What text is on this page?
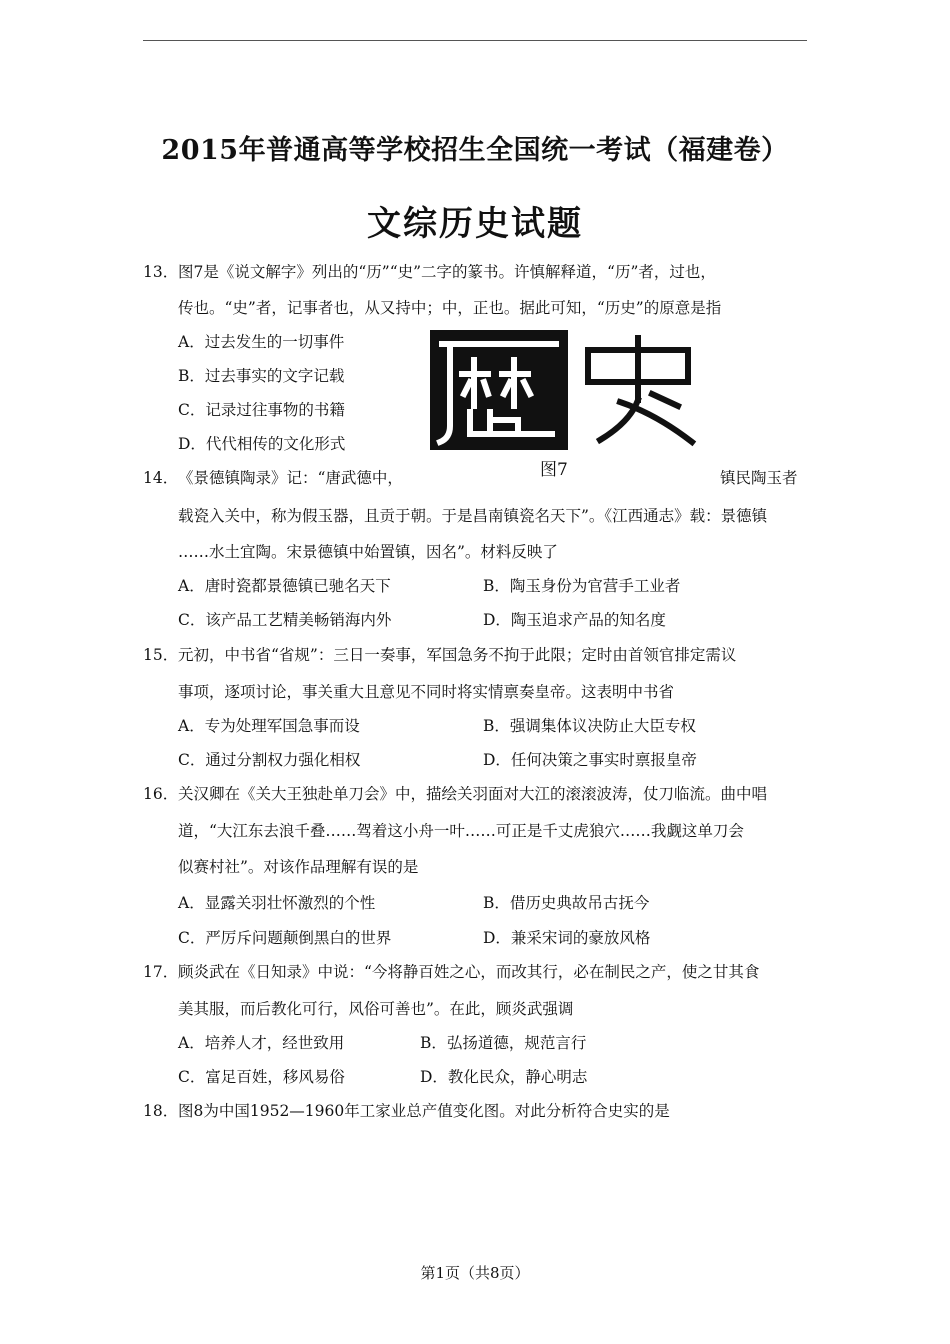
2015年普通高等学校招生全国统一考试（福建卷）
文综历史试题
13． 图7是《说文解字》列出的“历”“史”二字的篆书。许慎解释道，“历”者，过也，
传也。“史”者，记事者也，从又持中；中，正也。据此可知，“历史”的原意是指
A．过去发生的一切事件
B．过去事实的文字记载
C．记录过往事物的书籍
D．代代相传的文化形式
图7
14． 《景德镇陶录》记：“唐武德中，	镇民陶玉者
载瓷入关中，称为假玉器，且贡于朝。于是昌南镇瓷名天下”。《江西通志》载：景德镇
……水土宜陶。宋景德镇中始置镇，因名”。材料反映了
A．唐时瓷都景德镇已驰名天下	B．陶玉身份为官营手工业者
C．该产品工艺精美畅销海内外	D．陶玉追求产品的知名度
15． 元初，中书省“省规”：三日一奏事，军国急务不拘于此限；定时由首领官排定需议
事项，逐项讨论，事关重大且意见不同时将实情禀奏皇帝。这表明中书省
A．专为处理军国急事而设	B．强调集体议决防止大臣专权
C．通过分割权力强化相权	D．任何决策之事实时禀报皇帝
16． 关汉卿在《关大王独赴单刀会》中，描绘关羽面对大江的滚滚波涛，仗刀临流。曲中唱
道，“大江东去浪千叠……驾着这小舟一叶……可正是千丈虎狼穴……我觑这单刀会
似赛村社”。对该作品理解有误的是
A．显露关羽壮怀激烈的个性	B．借历史典故吊古抚今
C．严厉斥问题颠倒黑白的世界	D．兼采宋词的豪放风格
17． 顾炎武在《日知录》中说：“今将静百姓之心，而改其行，必在制民之产，使之甘其食
美其服，而后教化可行，风俗可善也”。在此，顾炎武强调
A．培养人才，经世致用	B．弘扬道德，规范言行
C．富足百姓，移风易俗	D．教化民众，静心明志
18． 图8为中国1952—1960年工家业总产值变化图。对此分析符合史实的是
第1页（共8页）
